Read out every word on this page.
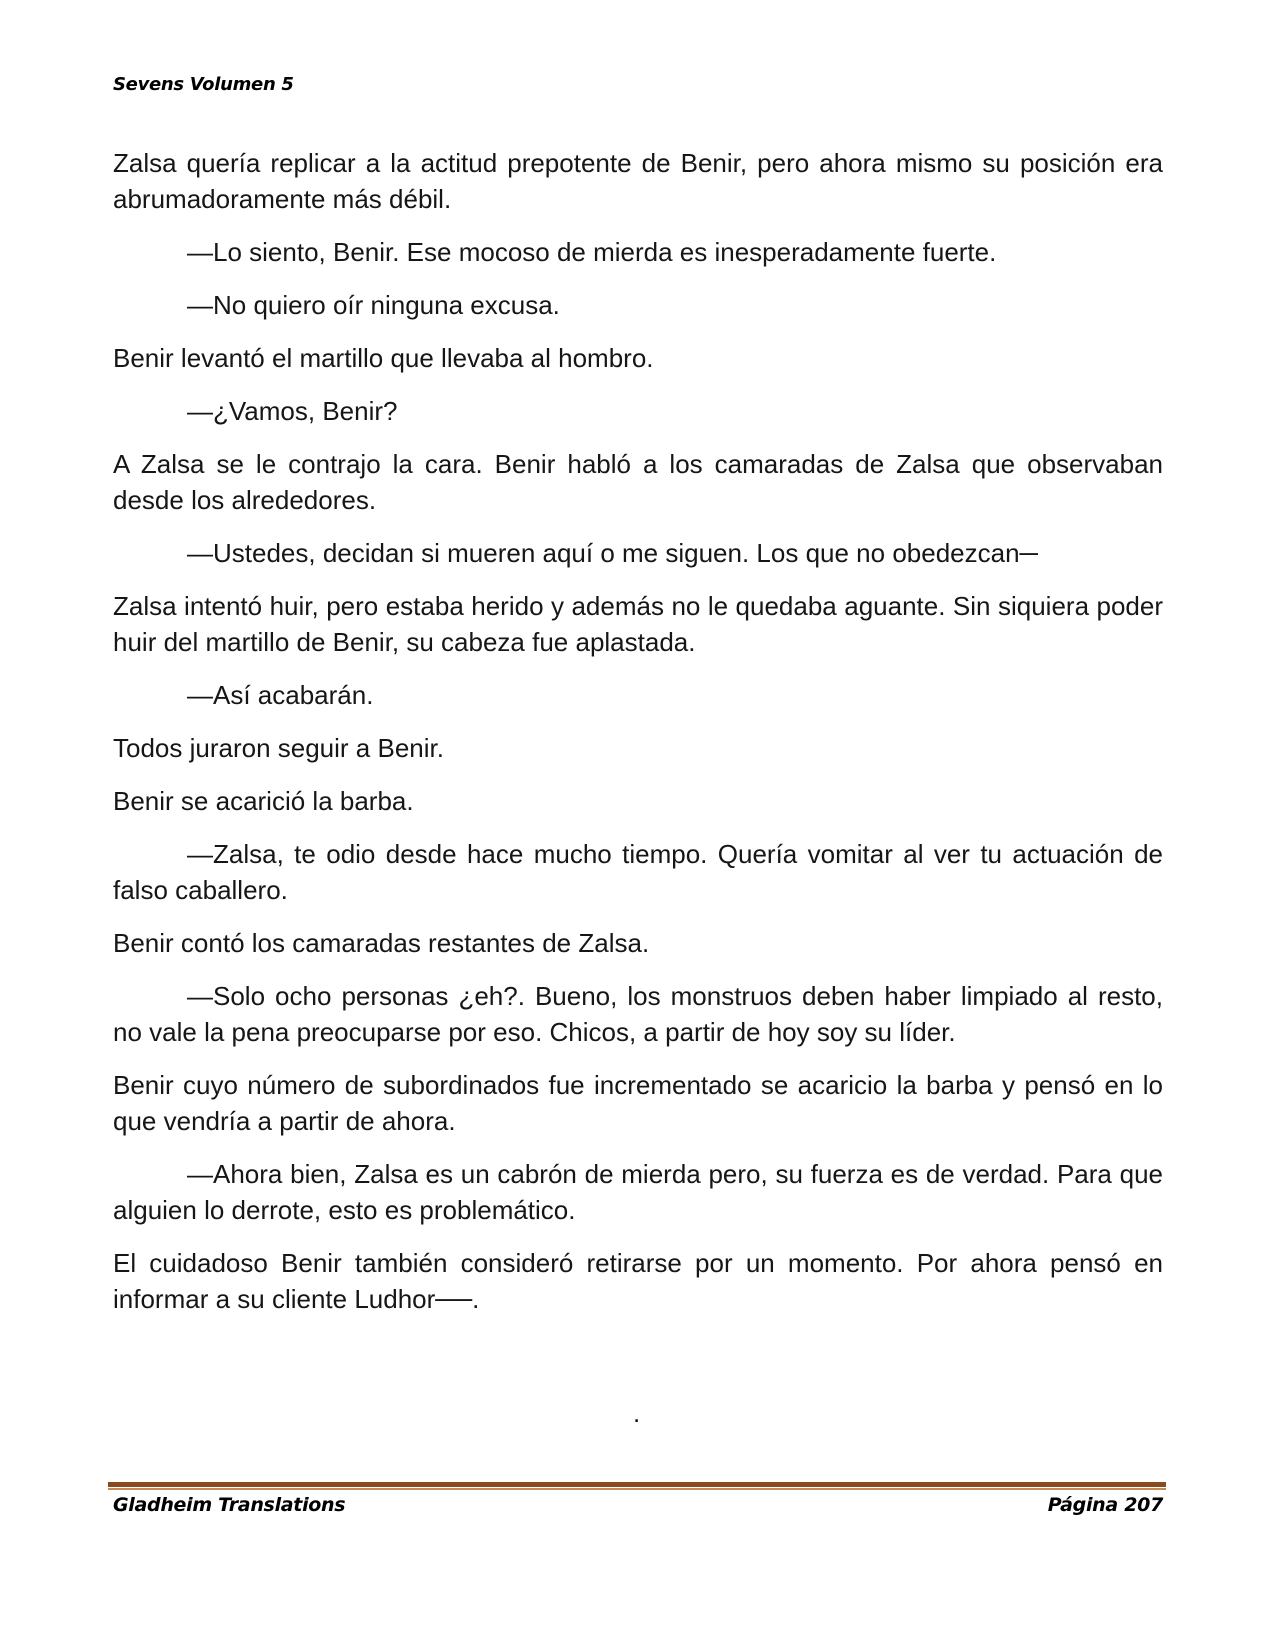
Sevens Volumen 5

Zalsa quería replicar a la actitud prepotente de Benir, pero ahora mismo su posición era abrumadoramente más débil.

—Lo siento, Benir. Ese mocoso de mierda es inesperadamente fuerte.

—No quiero oír ninguna excusa.

Benir levantó el martillo que llevaba al hombro.

—¿Vamos, Benir?

A Zalsa se le contrajo la cara. Benir habló a los camaradas de Zalsa que observaban desde los alrededores.

—Ustedes, decidan si mueren aquí o me siguen. Los que no obedezcan─

Zalsa intentó huir, pero estaba herido y además no le quedaba aguante. Sin siquiera poder huir del martillo de Benir, su cabeza fue aplastada.

—Así acabarán.

Todos juraron seguir a Benir.

Benir se acarició la barba.

—Zalsa, te odio desde hace mucho tiempo. Quería vomitar al ver tu actuación de falso caballero.

Benir contó los camaradas restantes de Zalsa.

—Solo ocho personas ¿eh?. Bueno, los monstruos deben haber limpiado al resto, no vale la pena preocuparse por eso. Chicos, a partir de hoy soy su líder.

Benir cuyo número de subordinados fue incrementado se acaricio la barba y pensó en lo que vendría a partir de ahora.

—Ahora bien, Zalsa es un cabrón de mierda pero, su fuerza es de verdad. Para que alguien lo derrote, esto es problemático.

El cuidadoso Benir también consideró retirarse por un momento. Por ahora pensó en informar a su cliente Ludhor──.

.
Gladheim Translations	Página 207
